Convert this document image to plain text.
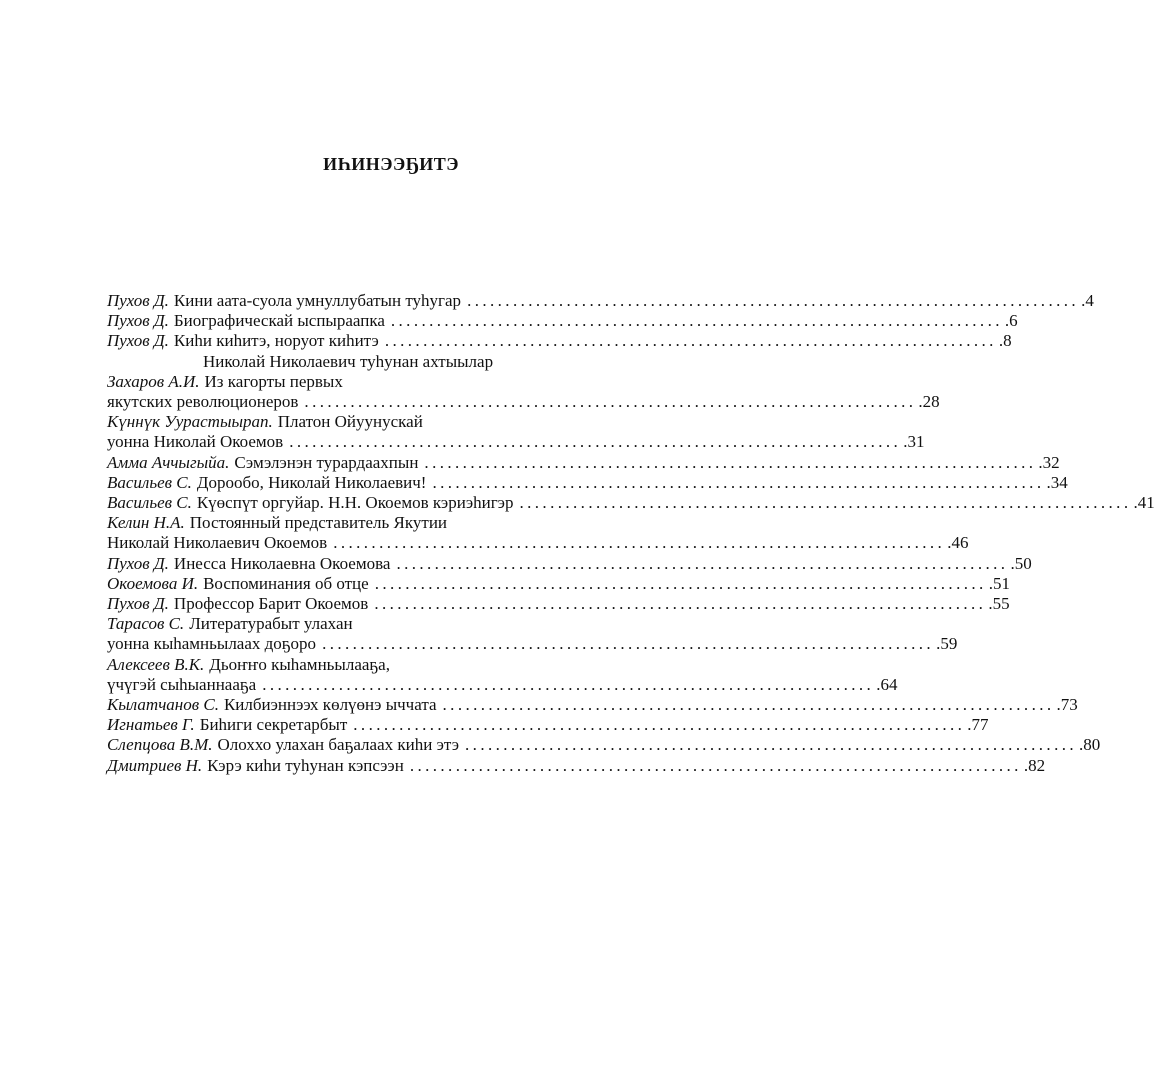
ИҺИНЭЭҔИТЭ
Пухов Д. Кини аата-суола умнуллубатын туһугар ................................................................................ .4
Пухов Д. Биографическай ыспыраапка ................................................................................ .6
Пухов Д. Киһи киһитэ, норуот киһитэ ................................................................................ .8
Николай Николаевич туһунан ахтыылар
Захаров А.И. Из кагорты первых
якутских революционеров ................................................................................ .28
Күннүк Уурастыырап. Платон Ойуунускай
уонна Николай Окоемов ................................................................................ .31
Амма Аччыгыйа. Сэмэлэнэн турардаахпын ................................................................................ .32
Васильев С. Дорообо, Николай Николаевич! ................................................................................ .34
Васильев С. Күөспүт оргуйар. Н.Н. Окоемов кэриэһигэр ................................................................................ .41
Келин Н.А. Постоянный представитель Якутии
Николай Николаевич Окоемов ................................................................................ .46
Пухов Д. Инесса Николаевна Окоемова ................................................................................ .50
Окоемова И. Воспоминания об отце ................................................................................ .51
Пухов Д. Профессор Барит Окоемов ................................................................................ .55
Тарасов С. Литературабыт улахан
уонна кыһамньылаах доҕоро ................................................................................ .59
Алексеев В.К. Дьоҥҥо кыһамньылааҕа,
үчүгэй сыһыаннааҕа ................................................................................ .64
Кылатчанов С. Килбиэннээх көлүөнэ ыччата ................................................................................ .73
Игнатьев Г. Биһиги секретарбыт ................................................................................ .77
Слепцова В.М. Олоххо улахан баҕалаах киһи этэ ................................................................................ .80
Дмитриев Н. Кэрэ киһи туһунан кэпсээн ................................................................................ .82
